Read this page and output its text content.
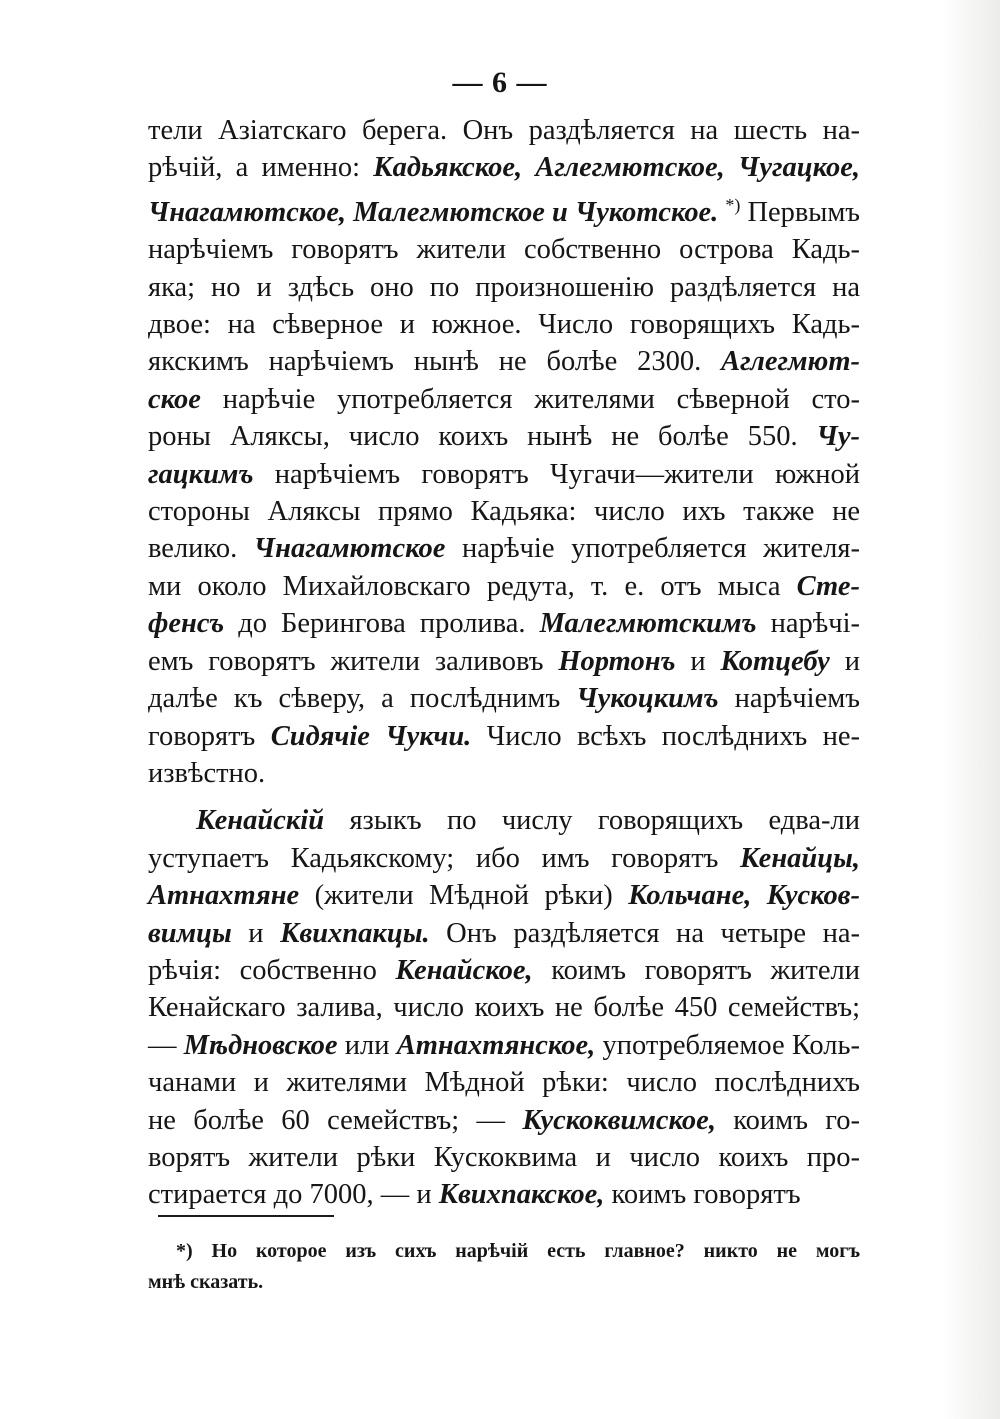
— 6 —
тели Азіатскаго берега. Онъ раздѣляется на шесть на-
рѣчій, а именно: Кадьякское, Аглегмютское, Чугацкое,
Чнагамютское, Малегмютское и Чукотское. *) Первымъ
нарѣчіемъ говорятъ жители собственно острова Кадь-
яка; но и здѣсь оно по произношенію раздѣляется на
двое: на сѣверное и южное. Число говорящихъ Кадь-
якскимъ нарѣчіемъ нынѣ не болѣе 2300. Аглегмют-
ское нарѣчіе употребляется жителями сѣверной сто-
роны Аляксы, число коихъ нынѣ не болѣе 550. Чу-
гацкимъ нарѣчіемъ говорятъ Чугачи—жители южной
стороны Аляксы прямо Кадьяка: число ихъ также не
велико. Чнагамютское нарѣчіе употребляется жителя-
ми около Михайловскаго редута, т. е. отъ мыса Сте-
фенсъ до Берингова пролива. Малегмютскимъ нарѣчі-
емъ говорятъ жители заливовъ Нортонъ и Котцебу и
далѣе къ сѣверу, а послѣднимъ Чукоцкимъ нарѣчіемъ
говорятъ Сидячіе Чукчи. Число всѣхъ послѣднихъ не-
извѣстно.
Кенайскій языкъ по числу говорящихъ едва-ли
уступаетъ Кадьякскому; ибо имъ говорятъ Кенайцы,
Атнахтяне (жители Мѣдной рѣки) Кольчане, Кусков-
вимцы и Квихпакцы. Онъ раздѣляется на четыре на-
рѣчія: собственно Кенайское, коимъ говорятъ жители
Кенайскаго залива, число коихъ не болѣе 450 семействъ;
— Мѣдновское или Атнахтянское, употребляемое Коль-
чанами и жителями Мѣдной рѣки: число послѣднихъ
не болѣе 60 семействъ; — Кускоквимское, коимъ го-
ворятъ жители рѣки Кускоквима и число коихъ про-
стирается до 7000, — и Квихпакское, коимъ говорятъ
*) Но которое изъ сихъ нарѣчій есть главное? никто не могъ
мнѣ сказать.
